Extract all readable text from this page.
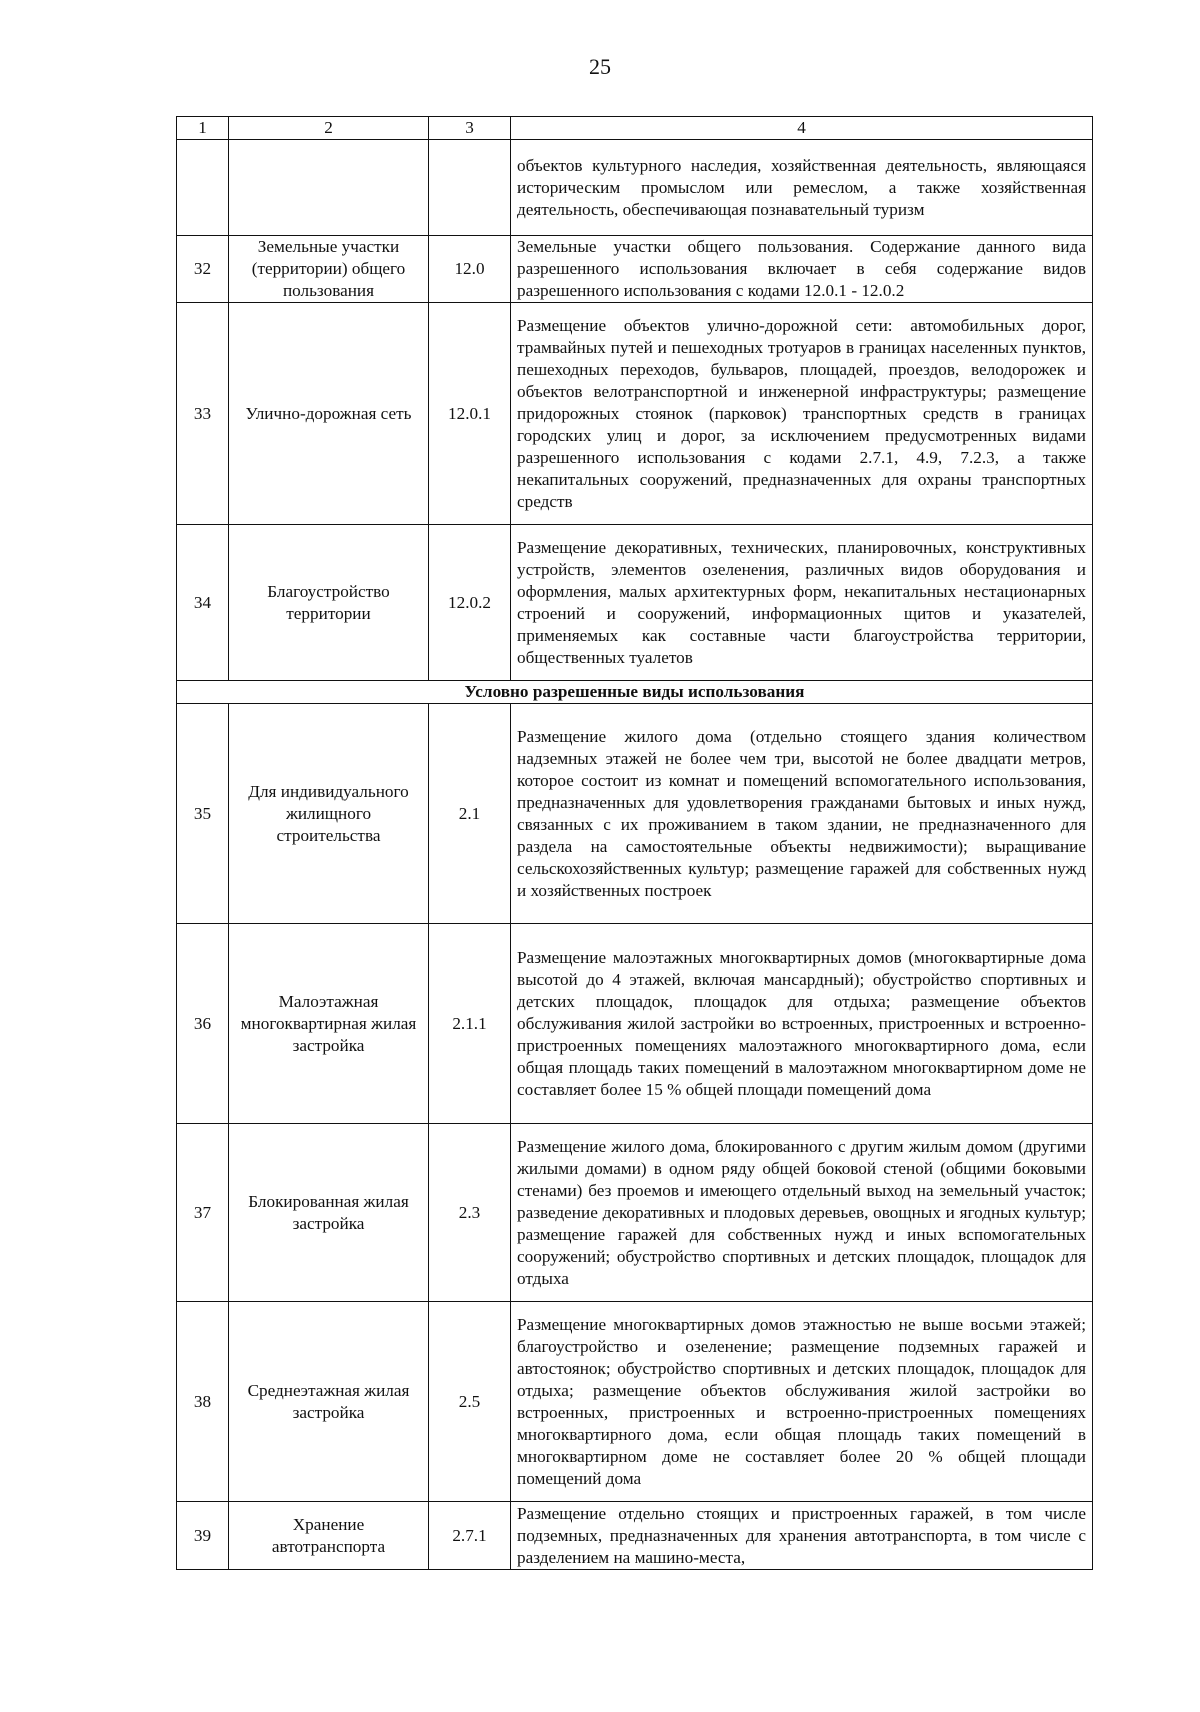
25
1	2	3	4
			объектов культурного наследия, хозяйственная деятельность, являющаяся историческим промыслом или ремеслом, а также хозяйственная деятельность, обеспечивающая познавательный туризм
32	Земельные участки (территории) общего пользования	12.0	Земельные участки общего пользования. Содержание данного вида разрешенного использования включает в себя содержание видов разрешенного использования с кодами 12.0.1 - 12.0.2
33	Улично-дорожная сеть	12.0.1	Размещение объектов улично-дорожной сети: автомобильных дорог, трамвайных путей и пешеходных тротуаров в границах населенных пунктов, пешеходных переходов, бульваров, площадей, проездов, велодорожек и объектов велотранспортной и инженерной инфраструктуры; размещение придорожных стоянок (парковок) транспортных средств в границах городских улиц и дорог, за исключением предусмотренных видами разрешенного использования с кодами 2.7.1, 4.9, 7.2.3, а также некапитальных сооружений, предназначенных для охраны транспортных средств
34	Благоустройство территории	12.0.2	Размещение декоративных, технических, планировочных, конструктивных устройств, элементов озеленения, различных видов оборудования и оформления, малых архитектурных форм, некапитальных нестационарных строений и сооружений, информационных щитов и указателей, применяемых как составные части благоустройства территории, общественных туалетов
Условно разрешенные виды использования			
35	Для индивидуального жилищного строительства	2.1	Размещение жилого дома (отдельно стоящего здания количеством надземных этажей не более чем три, высотой не более двадцати метров, которое состоит из комнат и помещений вспомогательного использования, предназначенных для удовлетворения гражданами бытовых и иных нужд, связанных с их проживанием в таком здании, не предназначенного для раздела на самостоятельные объекты недвижимости); выращивание сельскохозяйственных культур; размещение гаражей для собственных нужд и хозяйственных построек
36	Малоэтажная многоквартирная жилая застройка	2.1.1	Размещение малоэтажных многоквартирных домов (многоквартирные дома высотой до 4 этажей, включая мансардный); обустройство спортивных и детских площадок, площадок для отдыха; размещение объектов обслуживания жилой застройки во встроенных, пристроенных и встроенно-пристроенных помещениях малоэтажного многоквартирного дома, если общая площадь таких помещений в малоэтажном многоквартирном доме не составляет более 15 % общей площади помещений дома
37	Блокированная жилая застройка	2.3	Размещение жилого дома, блокированного с другим жилым домом (другими жилыми домами) в одном ряду общей боковой стеной (общими боковыми стенами) без проемов и имеющего отдельный выход на земельный участок; разведение декоративных и плодовых деревьев, овощных и ягодных культур; размещение гаражей для собственных нужд и иных вспомогательных сооружений; обустройство спортивных и детских площадок, площадок для отдыха
38	Среднеэтажная жилая застройка	2.5	Размещение многоквартирных домов этажностью не выше восьми этажей; благоустройство и озеленение; размещение подземных гаражей и автостоянок; обустройство спортивных и детских площадок, площадок для отдыха; размещение объектов обслуживания жилой застройки во встроенных, пристроенных и встроенно-пристроенных помещениях многоквартирного дома, если общая площадь таких помещений в многоквартирном доме не составляет более 20 % общей площади помещений дома
39	Хранение автотранспорта	2.7.1	Размещение отдельно стоящих и пристроенных гаражей, в том числе подземных, предназначенных для хранения автотранспорта, в том числе с разделением на машино-места,
